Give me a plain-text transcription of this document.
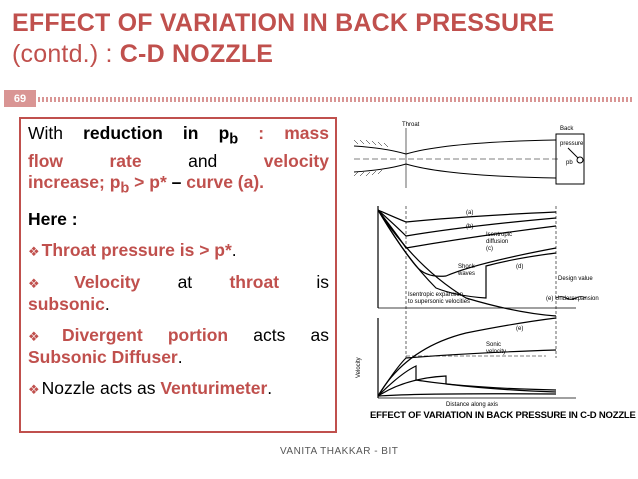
EFFECT OF VARIATION IN BACK PRESSURE
(contd.) : C-D NOZZLE
69

With reduction in $p_b$ : mass

flow rate and velocity

increase; $p_b > p*$ – curve (a).

Here :

❖ Throat pressure is > p*.

❖ Velocity at throat is

subsonic.

❖ Divergent portion acts as

Subsonic Diffuser.

❖ Nozzle acts as Venturimeter.

Throat
Back
pressure
pb
Isentropic
diffusion
Shock
waves
Design value
Isentropic expansion
to supersonic velocities	(e) Underexpansion
(a)
(b)
(c)
(d)
Sonic
velocity
Velocity
Distance along axis
(e)
EFFECT OF VARIATION IN BACK PRESSURE IN C-D NOZZLE
VANITA THAKKAR - BIT
